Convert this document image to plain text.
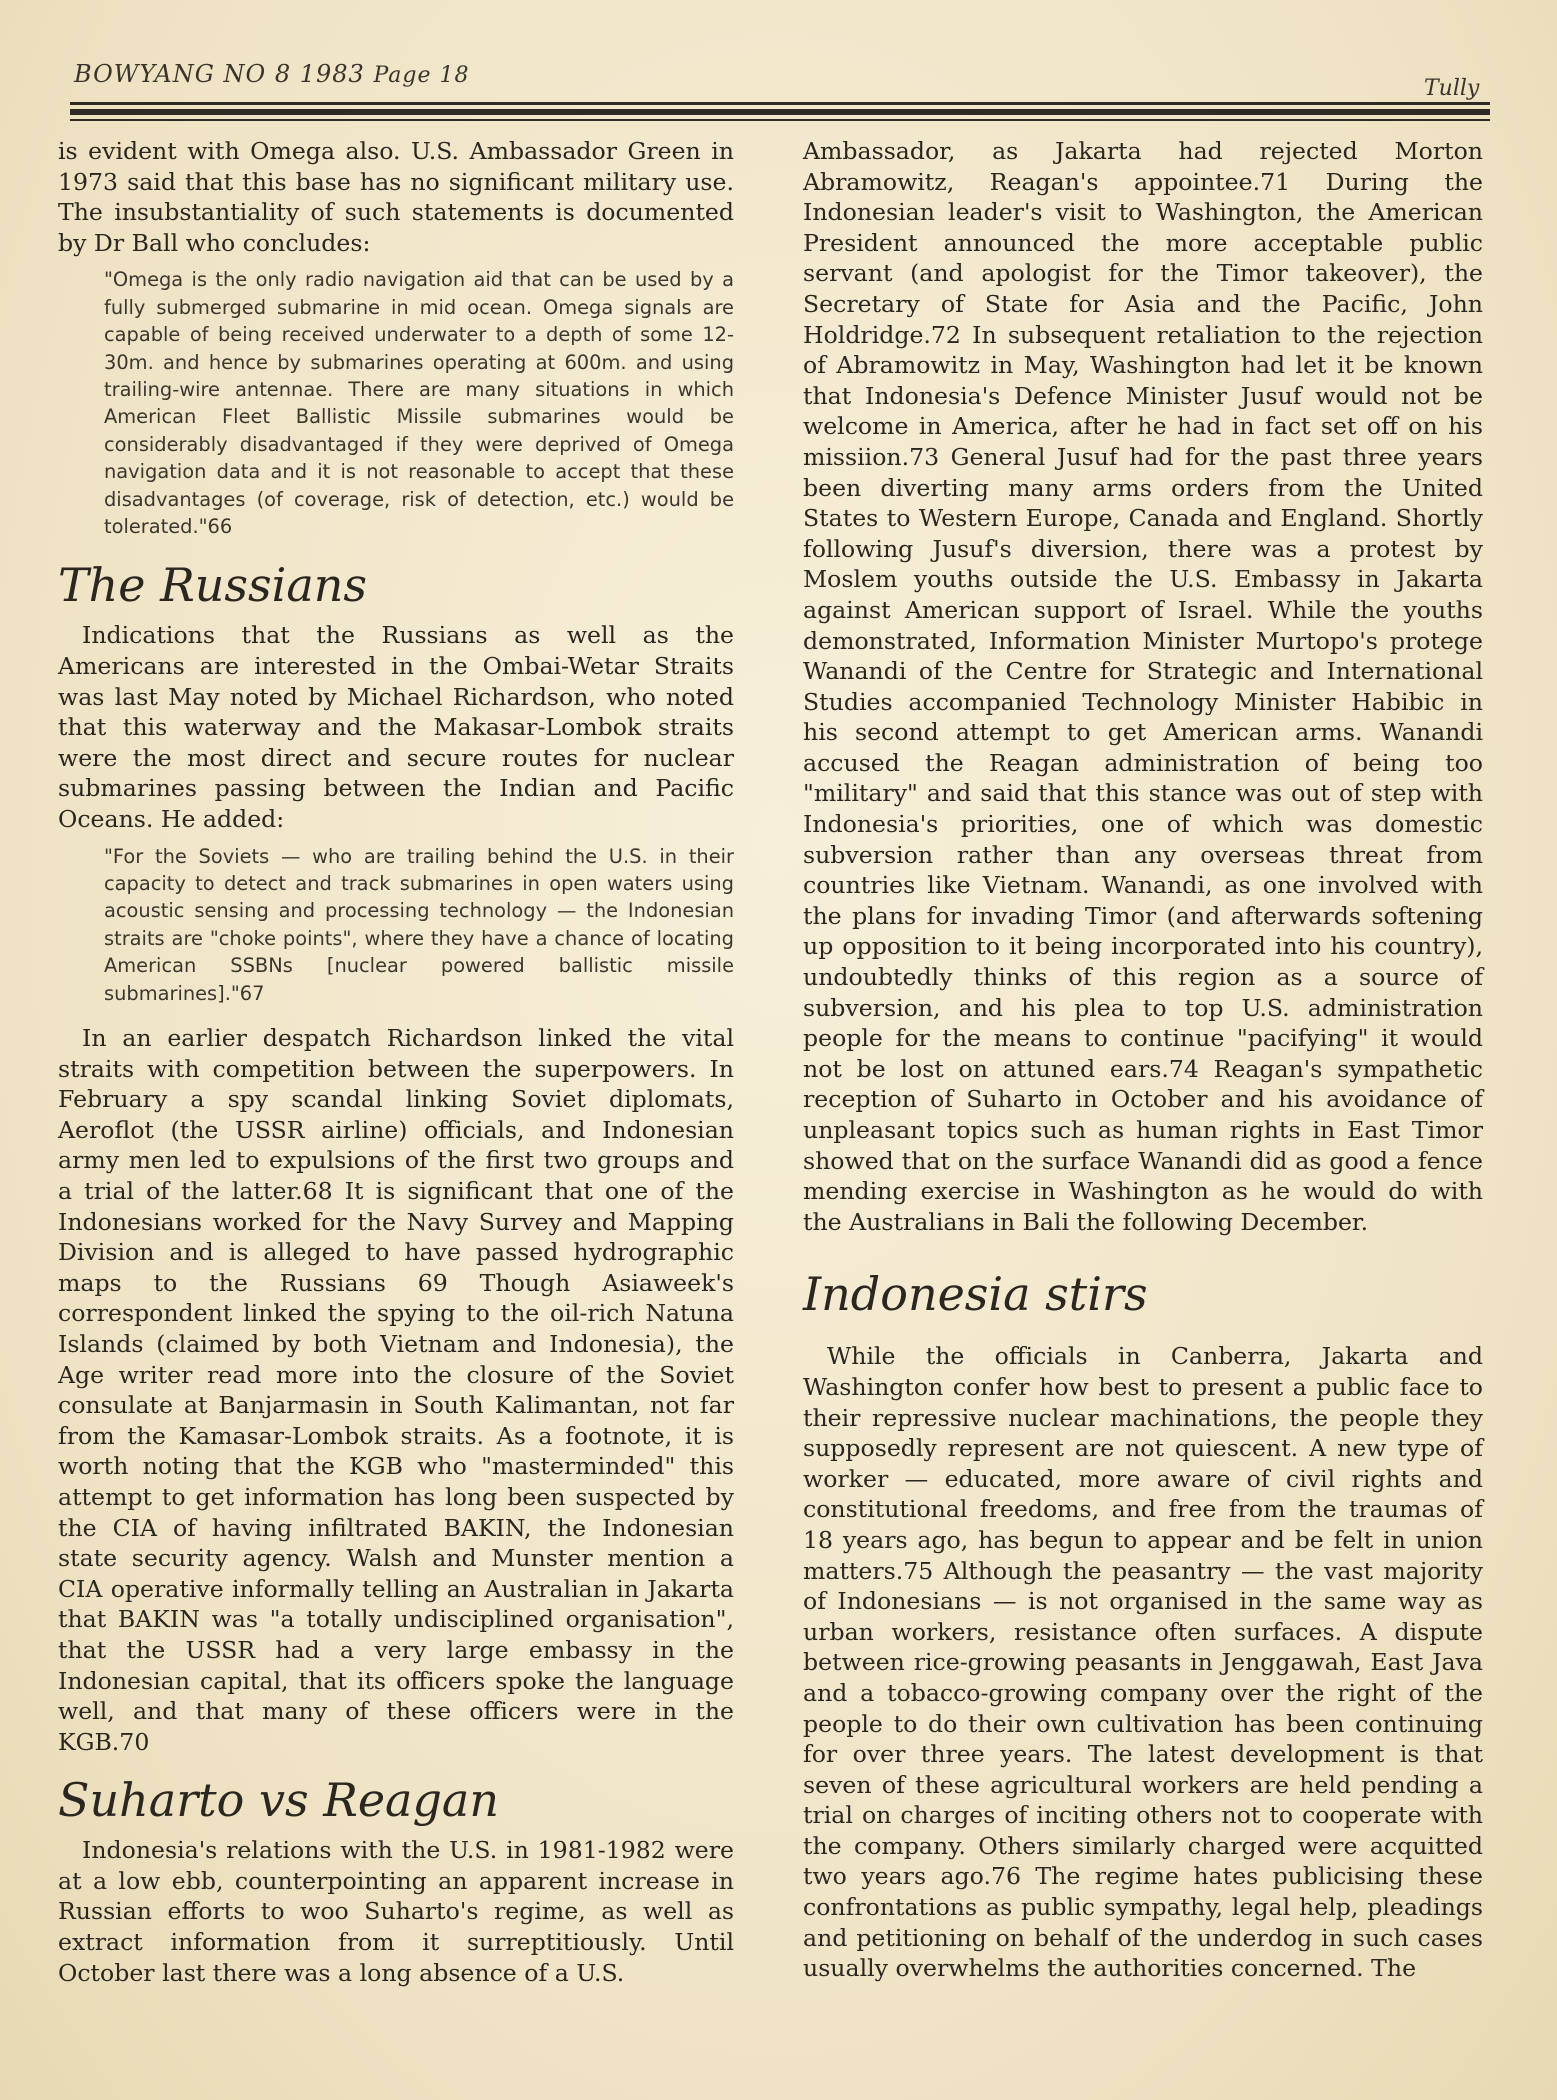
BOWYANG NO 8 1983 Page 18
Tully

is evident with Omega also. U.S. Ambassador Green in 1973 said that this base has no significant military use. The insubstantiality of such statements is documented by Dr Ball who concludes:

"Omega is the only radio navigation aid that can be used by a fully submerged submarine in mid ocean. Omega signals are capable of being received underwater to a depth of some 12-30m. and hence by submarines operating at 600m. and using trailing-wire antennae. There are many situations in which American Fleet Ballistic Missile submarines would be considerably disadvantaged if they were deprived of Omega navigation data and it is not reasonable to accept that these disadvantages (of coverage, risk of detection, etc.) would be tolerated."66
The Russians

Indications that the Russians as well as the Americans are interested in the Ombai-Wetar Straits was last May noted by Michael Richardson, who noted that this waterway and the Makasar-Lombok straits were the most direct and secure routes for nuclear submarines passing between the Indian and Pacific Oceans. He added:

"For the Soviets — who are trailing behind the U.S. in their capacity to detect and track submarines in open waters using acoustic sensing and processing technology — the Indonesian straits are "choke points", where they have a chance of locating American SSBNs [nuclear powered ballistic missile submarines]."67

In an earlier despatch Richardson linked the vital straits with competition between the superpowers. In February a spy scandal linking Soviet diplomats, Aeroflot (the USSR airline) officials, and Indonesian army men led to expulsions of the first two groups and a trial of the latter.68 It is significant that one of the Indonesians worked for the Navy Survey and Mapping Division and is alleged to have passed hydrographic maps to the Russians 69 Though Asiaweek's correspondent linked the spying to the oil-rich Natuna Islands (claimed by both Vietnam and Indonesia), the Age writer read more into the closure of the Soviet consulate at Banjarmasin in South Kalimantan, not far from the Kamasar-Lombok straits. As a footnote, it is worth noting that the KGB who "masterminded" this attempt to get information has long been suspected by the CIA of having infiltrated BAKIN, the Indonesian state security agency. Walsh and Munster mention a CIA operative informally telling an Australian in Jakarta that BAKIN was "a totally undisciplined organisation", that the USSR had a very large embassy in the Indonesian capital, that its officers spoke the language well, and that many of these officers were in the KGB.70

Suharto vs Reagan

Indonesia's relations with the U.S. in 1981-1982 were at a low ebb, counterpointing an apparent increase in Russian efforts to woo Suharto's regime, as well as extract information from it surreptitiously. Until October last there was a long absence of a U.S.

Ambassador, as Jakarta had rejected Morton Abramowitz, Reagan's appointee.71 During the Indonesian leader's visit to Washington, the American President announced the more acceptable public servant (and apologist for the Timor takeover), the Secretary of State for Asia and the Pacific, John Holdridge.72 In subsequent retaliation to the rejection of Abramowitz in May, Washington had let it be known that Indonesia's Defence Minister Jusuf would not be welcome in America, after he had in fact set off on his missiion.73 General Jusuf had for the past three years been diverting many arms orders from the United States to Western Europe, Canada and England. Shortly following Jusuf's diversion, there was a protest by Moslem youths outside the U.S. Embassy in Jakarta against American support of Israel. While the youths demonstrated, Information Minister Murtopo's protege Wanandi of the Centre for Strategic and International Studies accompanied Technology Minister Habibic in his second attempt to get American arms. Wanandi accused the Reagan administration of being too "military" and said that this stance was out of step with Indonesia's priorities, one of which was domestic subversion rather than any overseas threat from countries like Vietnam. Wanandi, as one involved with the plans for invading Timor (and afterwards softening up opposition to it being incorporated into his country), undoubtedly thinks of this region as a source of subversion, and his plea to top U.S. administration people for the means to continue "pacifying" it would not be lost on attuned ears.74 Reagan's sympathetic reception of Suharto in October and his avoidance of unpleasant topics such as human rights in East Timor showed that on the surface Wanandi did as good a fence mending exercise in Washington as he would do with the Australians in Bali the following December.

Indonesia stirs

While the officials in Canberra, Jakarta and Washington confer how best to present a public face to their repressive nuclear machinations, the people they supposedly represent are not quiescent. A new type of worker — educated, more aware of civil rights and constitutional freedoms, and free from the traumas of 18 years ago, has begun to appear and be felt in union matters.75 Although the peasantry — the vast majority of Indonesians — is not organised in the same way as urban workers, resistance often surfaces. A dispute between rice-growing peasants in Jenggawah, East Java and a tobacco-growing company over the right of the people to do their own cultivation has been continuing for over three years. The latest development is that seven of these agricultural workers are held pending a trial on charges of inciting others not to cooperate with the company. Others similarly charged were acquitted two years ago.76 The regime hates publicising these confrontations as public sympathy, legal help, pleadings and petitioning on behalf of the underdog in such cases usually overwhelms the authorities concerned. The
